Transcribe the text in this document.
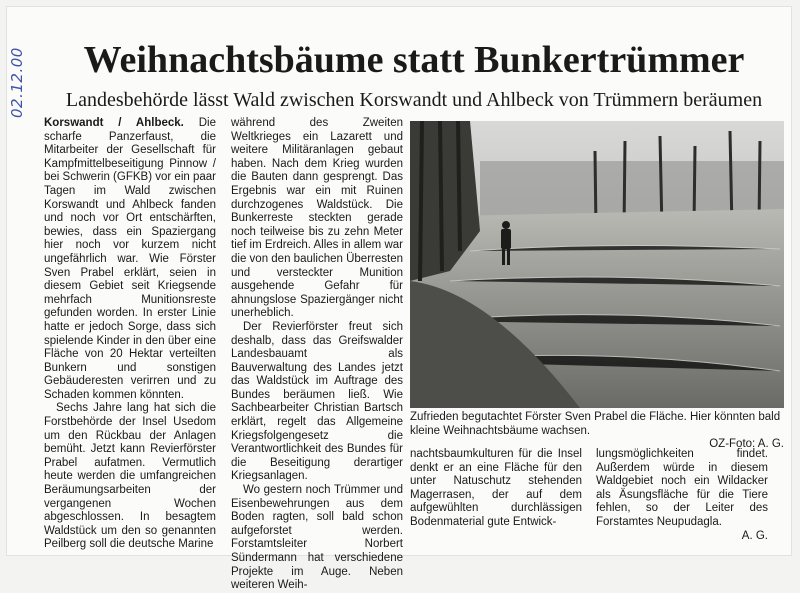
02.12.00	Weihnachtsbäume statt Bunkertrümmer
Landesbehörde lässt Wald zwischen Korswandt und Ahlbeck von Trümmern beräumen

Korswandt / Ahlbeck. Die scharfe Panzerfaust, die Mitarbeiter der Gesellschaft für Kampfmittelbeseitigung Pinnow / bei Schwerin (GFKB) vor ein paar Tagen im Wald zwischen Korswandt und Ahlbeck fanden und noch vor Ort entschärften, bewies, dass ein Spaziergang hier noch vor kurzem nicht ungefährlich war. Wie Förster Sven Prabel erklärt, seien in diesem Gebiet seit Kriegsende mehrfach Munitionsreste gefunden worden. In erster Linie hatte er jedoch Sorge, dass sich spielende Kinder in den über eine Fläche von 20 Hektar verteilten Bunkern und sonstigen Gebäuderesten verirren und zu Schaden kommen könnten.

Sechs Jahre lang hat sich die Forstbehörde der Insel Usedom um den Rückbau der Anlagen bemüht. Jetzt kann Revierförster Prabel aufatmen. Vermutlich heute werden die umfangreichen Beräumungsarbeiten der vergangenen Wochen abgeschlossen. In besagtem Waldstück um den so genannten Peilberg soll die deutsche Marine

während des Zweiten Weltkrieges ein Lazarett und weitere Militäranlagen gebaut haben. Nach dem Krieg wurden die Bauten dann gesprengt. Das Ergebnis war ein mit Ruinen durchzogenes Waldstück. Die Bunkerreste steckten gerade noch teilweise bis zu zehn Meter tief im Erdreich. Alles in allem war die von den baulichen Überresten und versteckter Munition ausgehende Gefahr für ahnungslose Spaziergänger nicht unerheblich.

Der Revierförster freut sich deshalb, dass das Greifswalder Landesbauamt als Bauverwaltung des Landes jetzt das Waldstück im Auftrage des Bundes beräumen ließ. Wie Sachbearbeiter Christian Bartsch erklärt, regelt das Allgemeine Kriegsfolgengesetz die Verantwortlichkeit des Bundes für die Beseitigung derartiger Kriegsanlagen.

Wo gestern noch Trümmer und Eisenbewehrungen aus dem Boden ragten, soll bald schon aufgeforstet werden. Forstamtsleiter Norbert Sündermann hat verschiedene Projekte im Auge. Neben weiteren Weih-

Zufrieden begutachtet Förster Sven Prabel die Fläche. Hier könnten bald kleine Weihnachtsbäume wachsen.
OZ-Foto: A. G.

nachtsbaumkulturen für die Insel denkt er an eine Fläche für den unter Natuschutz stehenden Magerrasen, der auf dem aufgewühlten durchlässigen Bodenmaterial gute Entwick-

lungsmöglichkeiten findet. Außerdem würde in diesem Waldgebiet noch ein Wildacker als Äsungsfläche für die Tiere fehlen, so der Leiter des Forstamtes Neupudagla.

A. G.
